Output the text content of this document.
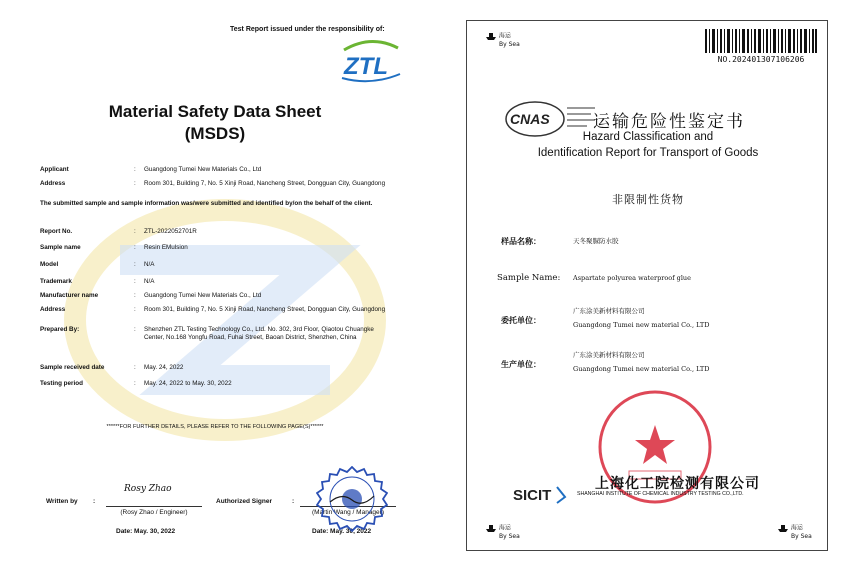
Test Report issued under the responsibility of:
ZTL
Material Safety Data Sheet
(MSDS)
Applicant	: Guangdong Tumei New Materials Co., Ltd
Address	: Room 301, Building 7, No. 5 Xinji Road, Nancheng Street, Dongguan City, Guangdong
The submitted sample and sample information was/were submitted and identified by/on the behalf of the client.
Report No.	: ZTL-2022052701R
Sample name	: Resin EMulsion
Model	: N/A
Trademark	: N/A
Manufacturer name	: Guangdong Tumei New Materials Co., Ltd
Address	: Room 301, Building 7, No. 5 Xinji Road, Nancheng Street, Dongguan City, Guangdong
Prepared By:	: Shenzhen ZTL Testing Technology Co., Ltd. No. 302, 3rd Floor, Qiaotou Chuangke Center, No.168 Yongfu Road, Fuhai Street, Baoan District, Shenzhen, China
Sample received date	: May. 24, 2022
Testing period	: May. 24, 2022 to May. 30, 2022
******FOR FURTHER DETAILS, PLEASE REFER TO THE FOLLOWING PAGE(S)******
Written by :
Rosy Zhao
(Rosy Zhao / Engineer)
Date: May. 30, 2022
Authorized Signer	:
(Martin Wang / Manager)
Date: May. 30, 2022
海运
By Sea
NO.202401307106206
CNAS	运输危险性鉴定书
Hazard Classification and
Identification Report for Transport of Goods
非限制性货物
样品名称：	天冬聚脲防水胶
Sample Name: Aspartate polyurea waterproof glue
委托单位：
广东涂美新材料有限公司
Guangdong Tumei new material Co., LTD
生产单位：
广东涂美新材料有限公司
Guangdong Tumei new material Co., LTD
SICIT
上海化工院检测有限公司
SHANGHAI INSTITUTE OF CHEMICAL INDUSTRY TESTING CO.,LTD.
海运
By Sea
海运
By Sea
